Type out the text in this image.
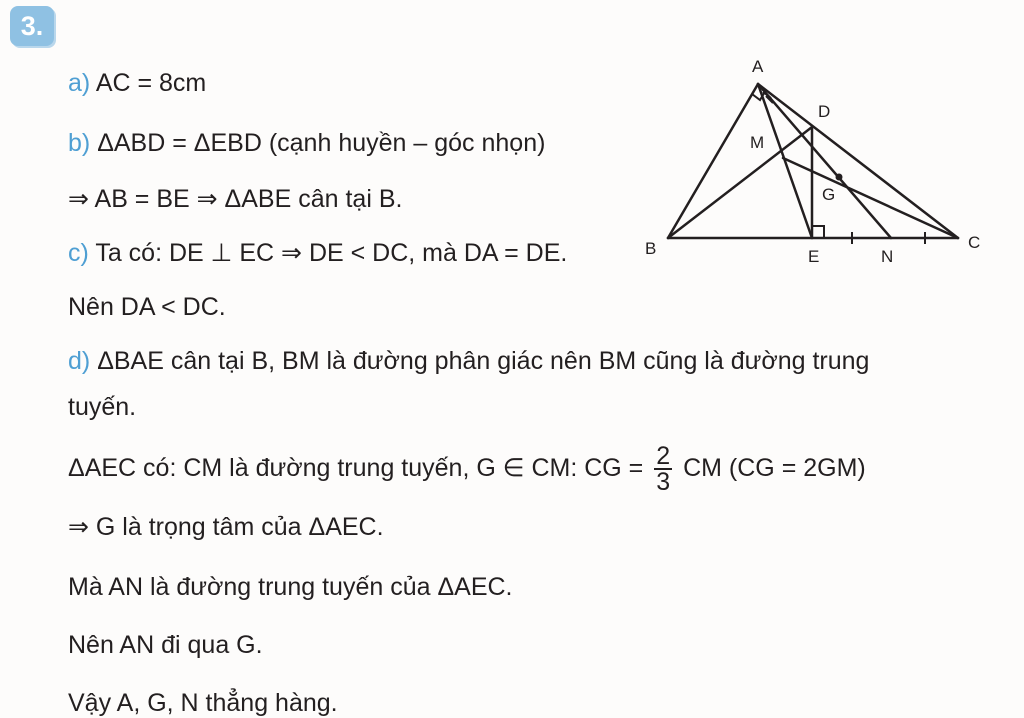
3.
a) AC = 8cm
b) ΔABD = ΔEBD (cạnh huyền – góc nhọn)
⇒ AB = BE ⇒ ΔABE cân tại B.
c) Ta có: DE ⊥ EC ⇒ DE < DC, mà DA = DE.
Nên DA < DC.
d) ΔBAE cân tại B, BM là đường phân giác nên BM cũng là đường trung
tuyến.
ΔAEC có: CM là đường trung tuyến, G ∈ CM: CG = $\frac{2}{3}$ CM (CG = 2GM)
⇒ G là trọng tâm của ΔAEC.
Mà AN là đường trung tuyến của ΔAEC.
Nên AN đi qua G.
Vậy A, G, N thẳng hàng.
A
B	C
D
E
M
G
N
